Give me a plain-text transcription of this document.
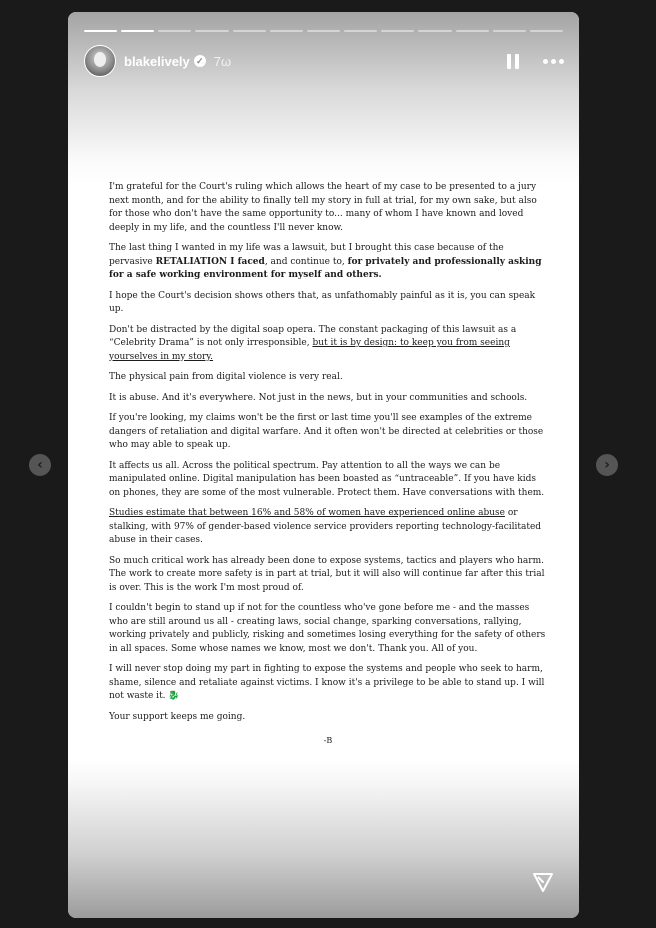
‹	›
blakelively ✓ 7ω

I'm grateful for the Court's ruling which allows the heart of my case to be presented to a jury next month, and for the ability to finally tell my story in full at trial, for my own sake, but also for those who don't have the same opportunity to... many of whom I have known and loved deeply in my life, and the countless I'll never know.

The last thing I wanted in my life was a lawsuit, but I brought this case because of the pervasive RETALIATION I faced, and continue to, for privately and professionally asking for a safe working environment for myself and others.

I hope the Court's decision shows others that, as unfathomably painful as it is, you can speak up.

Don't be distracted by the digital soap opera. The constant packaging of this lawsuit as a “Celebrity Drama” is not only irresponsible, but it is by design: to keep you from seeing yourselves in my story.

The physical pain from digital violence is very real.

It is abuse. And it's everywhere. Not just in the news, but in your communities and schools.

If you're looking, my claims won't be the first or last time you'll see examples of the extreme dangers of retaliation and digital warfare. And it often won't be directed at celebrities or those who may able to speak up.

It affects us all. Across the political spectrum. Pay attention to all the ways we can be manipulated online. Digital manipulation has been boasted as “untraceable”. If you have kids on phones, they are some of the most vulnerable. Protect them. Have conversations with them.

Studies estimate that between 16% and 58% of women have experienced online abuse or stalking, with 97% of gender-based violence service providers reporting technology-facilitated abuse in their cases.

So much critical work has already been done to expose systems, tactics and players who harm. The work to create more safety is in part at trial, but it will also will continue far after this trial is over. This is the work I'm most proud of.

I couldn't begin to stand up if not for the countless who've gone before me - and the masses who are still around us all - creating laws, social change, sparking conversations, rallying, working privately and publicly, risking and sometimes losing everything for the safety of others in all spaces. Some whose names we know, most we don't. Thank you. All of you.

I will never stop doing my part in fighting to expose the systems and people who seek to harm, shame, silence and retaliate against victims. I know it's a privilege to be able to stand up. I will not waste it. 🐉

Your support keeps me going.

-B
